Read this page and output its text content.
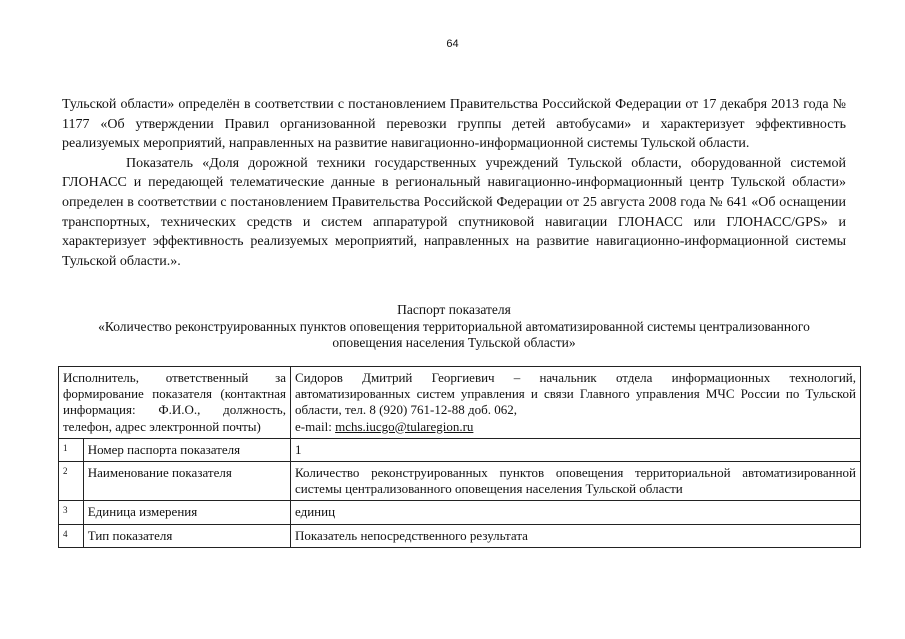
64

Тульской области» определён в соответствии с постановлением Правительства Российской Федерации от 17 декабря 2013 года № 1177 «Об утверждении Правил организованной перевозки группы детей автобусами» и характеризует эффективность реализуемых мероприятий, направленных на развитие навигационно-информационной системы Тульской области.

Показатель «Доля дорожной техники государственных учреждений Тульской области, оборудованной системой ГЛОНАСС и передающей телематические данные в региональный навигационно-информационный центр Тульской области» определен в соответствии с постановлением Правительства Российской Федерации от 25 августа 2008 года № 641 «Об оснащении транспортных, технических средств и систем аппаратурой спутниковой навигации ГЛОНАСС или ГЛОНАСС/GPS» и характеризует эффективность реализуемых мероприятий, направленных на развитие навигационно-информационной системы Тульской области.».

Паспорт показателя
«Количество реконструированных пунктов оповещения территориальной автоматизированной системы централизованного
оповещения населения Тульской области»
Исполнитель, ответственный за формирование показателя (контактная информация: Ф.И.О., должность, телефон, адрес электронной почты)		Сидоров Дмитрий Георгиевич – начальник отдела информационных технологий, автоматизированных систем управления и связи Главного управления МЧС России по Тульской области, тел. 8 (920) 761-12-88 доб. 062,
e-mail: mchs.iucgo@tularegion.ru
1	Номер паспорта показателя	1
2	Наименование показателя	Количество реконструированных пунктов оповещения территориальной автоматизированной системы централизованного оповещения населения Тульской области
3	Единица измерения	единиц
4	Тип показателя	Показатель непосредственного результата
